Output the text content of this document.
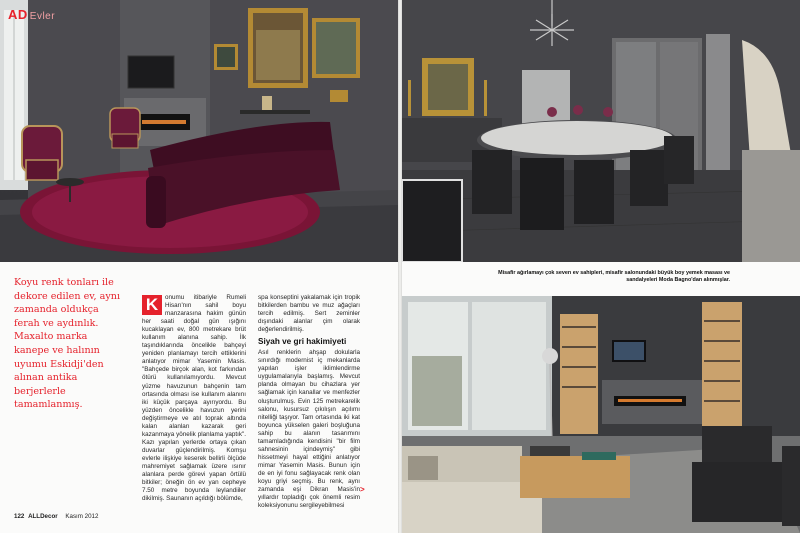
AD Evler
Koyu renk tonları ile dekore edilen ev, aynı zamanda oldukça ferah ve aydınlık. Maxalto marka kanepe ve halının uyumu Eskidji'den alınan antika berjerlerle tamamlanmış.
K	onumu itibariyle Rumeli Hisarı'nın sahil boyu manzarasına hakim günün her saati doğal gün ışığını kucaklayan ev, 800 metrekare brüt kullanım alanına sahip. İlk taşındıklarında öncelikle bahçeyi yeniden planlamayı tercih ettiklerini anlatıyor mimar Yasemin Masis. "Bahçede birçok alan, kot farkından ötürü kullanılamıyordu. Mevcut yüzme havuzunun bahçenin tam ortasında olması ise kullanım alanını iki küçük parçaya ayırıyordu. Bu yüzden öncelikle havuzun yerini değiştirmeye ve atıl toprak altında kalan alanları kazarak geri kazanmaya yönelik planlama yaptık". Kazı yapılan yerlerde ortaya çıkan duvarlar güçlendirilmiş. Komşu evlerle ilişkiye keserek bellirli ölçüde mahremiyet sağlamak üzere ısınır alanlara perde görevi yapan örtülü bitkiler; öneğin ön ev yan cepheye 7.50 metre boyunda leylandiiler dikilmiş. Saunanın açıldığı bölümde,
spa konseptini yakalamak için tropik bitkilerden bambu ve muz ağaçları tercih edilmiş. Sert zeminler dışındaki alanlar çim olarak değerlendirilmiş.
Siyah ve gri hakimiyeti
Asıl renklerin ahşap dokularla sınırdığı modernist iç mekanlarda yapılan işler iklimlendirme uygulamalarıyla başlamış. Mevcut planda olmayan bu cihazlara yer sağlamak için kanallar ve menfezler oluşturulmuş. Evin 125 metrekarelik salonu, kusursuz çıkılışın açılımı nitelliği taşıyor. Tam ortasında iki kat boyunca yükselen galeri boşluğuna sahip bu alanın tasarımını tamamladığında kendisini "bir film sahnesinin içindeymiş" gibi hissetmeyi hayal ettiğini anlatıyor mimar Yasemin Masis. Bunun için de en iyi fonu sağlayacak renk olan koyu griyi seçmiş. Bu renk, aynı zamanda eşi Dikran Masis'in yıllardır topladığı çok önemli resim koleksiyonunu sergileyebilmesi
>
Misafir ağırlamayı çok seven ev sahipleri, misafir salonundaki büyük boy yemek masası ve sandalyeleri Moda Bagno'dan alınmışlar.
122 ALLDecor Kasım 2012
